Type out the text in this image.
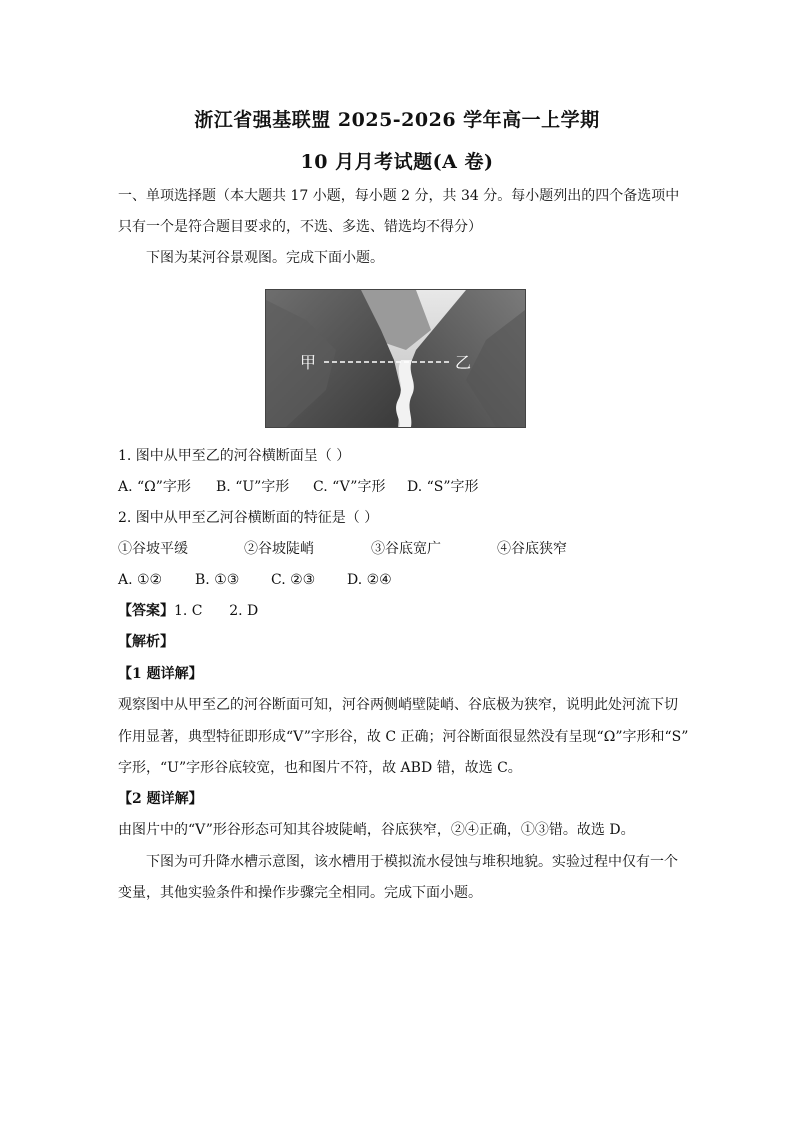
浙江省强基联盟 2025-2026 学年高一上学期
10 月月考试题(A 卷)
一、单项选择题（本大题共 17 小题，每小题 2 分，共 34 分。每小题列出的四个备选项中
只有一个是符合题目要求的，不选、多选、错选均不得分）
下图为某河谷景观图。完成下面小题。
甲	乙
1. 图中从甲至乙的河谷横断面呈（ ）
A. “Ω”字形 B. “U”字形 C. “V”字形 D. “S”字形
2. 图中从甲至乙河谷横断面的特征是（ ）
①谷坡平缓	②谷坡陡峭	③谷底宽广	④谷底狭窄
A. ①② B. ①③ C. ②③ D. ②④
【答案】1. C      2. D
【解析】
【1 题详解】
观察图中从甲至乙的河谷断面可知，河谷两侧峭壁陡峭、谷底极为狭窄，说明此处河流下切
作用显著，典型特征即形成“V”字形谷，故 C 正确；河谷断面很显然没有呈现“Ω”字形和“S”
字形，“U”字形谷底较宽，也和图片不符，故 ABD 错，故选 C。
【2 题详解】
由图片中的“V”形谷形态可知其谷坡陡峭，谷底狭窄，②④正确，①③错。故选 D。
下图为可升降水槽示意图，该水槽用于模拟流水侵蚀与堆积地貌。实验过程中仅有一个
变量，其他实验条件和操作步骤完全相同。完成下面小题。
